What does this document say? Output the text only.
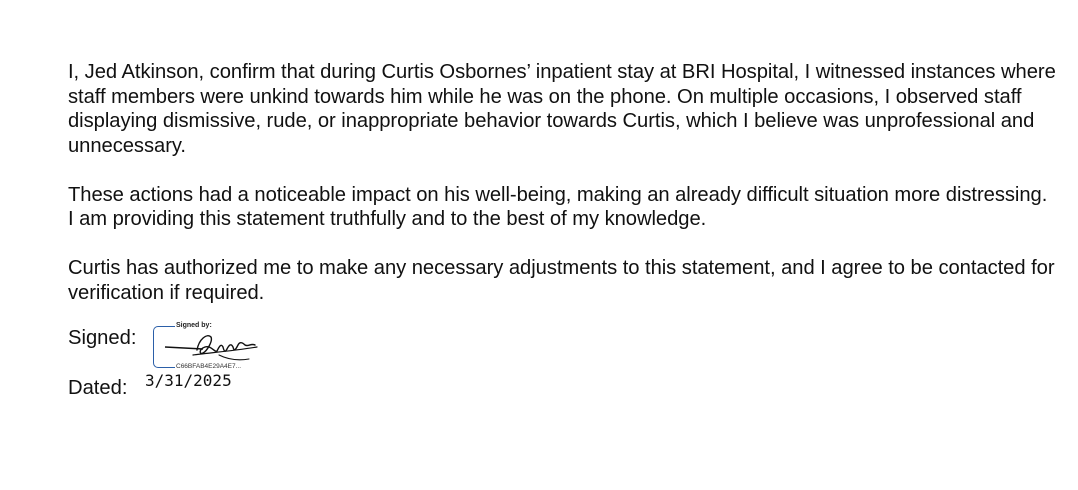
I, Jed Atkinson, confirm that during Curtis Osbornes’ inpatient stay at BRI Hospital, I witnessed instances where staff members were unkind towards him while he was on the phone. On multiple occasions, I observed staff displaying dismissive, rude, or inappropriate behavior towards Curtis, which I believe was unprofessional and unnecessary.

These actions had a noticeable impact on his well-being, making an already difficult situation more distressing. I am providing this statement truthfully and to the best of my knowledge.

Curtis has authorized me to make any necessary adjustments to this statement, and I agree to be contacted for verification if required.

Signed:
Signed by:
C66BFAB4E29A4E7...
Dated: 3/31/2025
